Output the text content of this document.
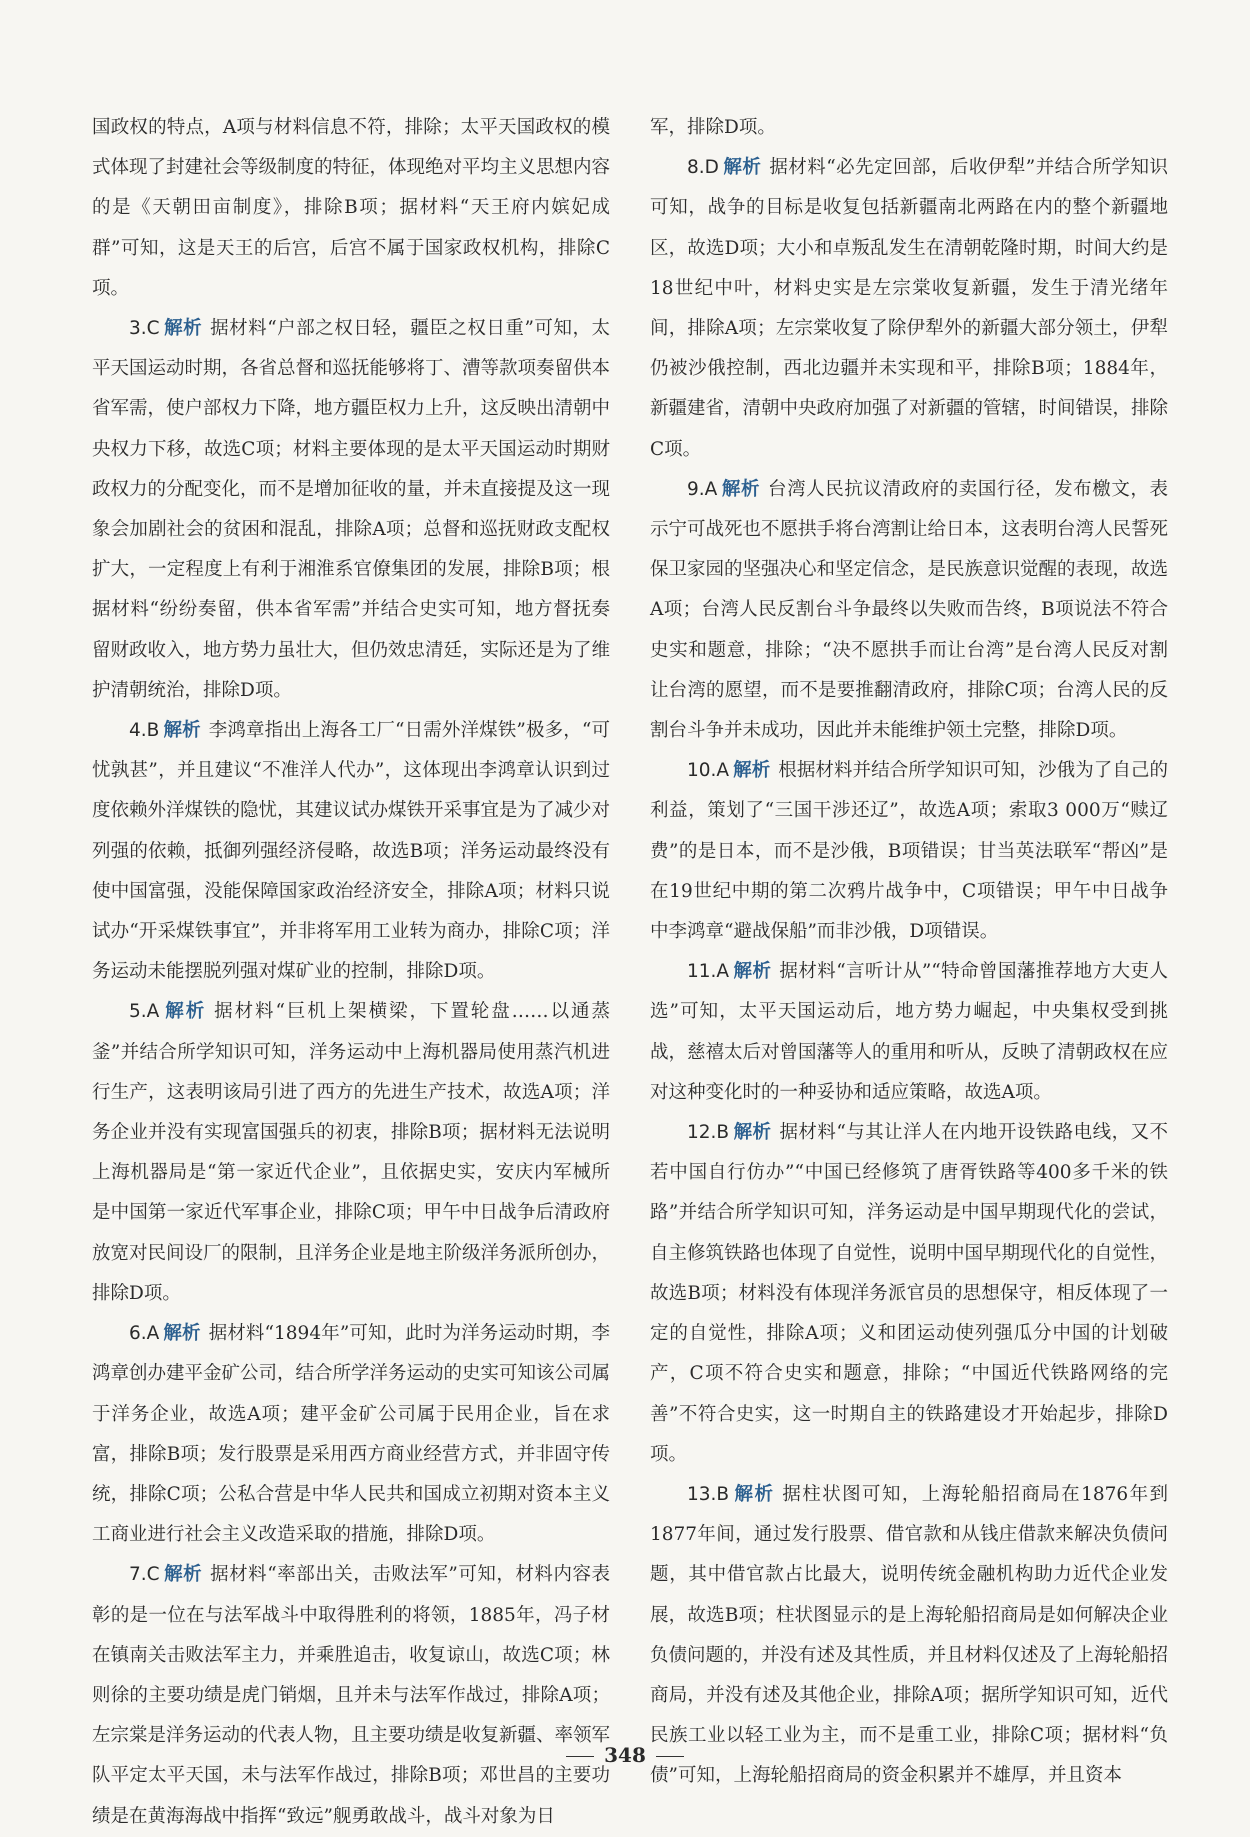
国政权的特点，A项与材料信息不符，排除；太平天国政权的模式体现了封建社会等级制度的特征，体现绝对平均主义思想内容的是《天朝田亩制度》，排除B项；据材料“天王府内嫔妃成群”可知，这是天王的后宫，后宫不属于国家政权机构，排除C项。

3.C 解析 据材料“户部之权日轻，疆臣之权日重”可知，太平天国运动时期，各省总督和巡抚能够将丁、漕等款项奏留供本省军需，使户部权力下降，地方疆臣权力上升，这反映出清朝中央权力下移，故选C项；材料主要体现的是太平天国运动时期财政权力的分配变化，而不是增加征收的量，并未直接提及这一现象会加剧社会的贫困和混乱，排除A项；总督和巡抚财政支配权扩大，一定程度上有利于湘淮系官僚集团的发展，排除B项；根据材料“纷纷奏留，供本省军需”并结合史实可知，地方督抚奏留财政收入，地方势力虽壮大，但仍效忠清廷，实际还是为了维护清朝统治，排除D项。

4.B 解析 李鸿章指出上海各工厂“日需外洋煤铁”极多，“可忧孰甚”，并且建议“不准洋人代办”，这体现出李鸿章认识到过度依赖外洋煤铁的隐忧，其建议试办煤铁开采事宜是为了减少对列强的依赖，抵御列强经济侵略，故选B项；洋务运动最终没有使中国富强，没能保障国家政治经济安全，排除A项；材料只说试办“开采煤铁事宜”，并非将军用工业转为商办，排除C项；洋务运动未能摆脱列强对煤矿业的控制，排除D项。

5.A 解析 据材料“巨机上架横梁，下置轮盘……以通蒸釜”并结合所学知识可知，洋务运动中上海机器局使用蒸汽机进行生产，这表明该局引进了西方的先进生产技术，故选A项；洋务企业并没有实现富国强兵的初衷，排除B项；据材料无法说明上海机器局是“第一家近代企业”，且依据史实，安庆内军械所是中国第一家近代军事企业，排除C项；甲午中日战争后清政府放宽对民间设厂的限制，且洋务企业是地主阶级洋务派所创办，排除D项。

6.A 解析 据材料“1894年”可知，此时为洋务运动时期，李鸿章创办建平金矿公司，结合所学洋务运动的史实可知该公司属于洋务企业，故选A项；建平金矿公司属于民用企业，旨在求富，排除B项；发行股票是采用西方商业经营方式，并非固守传统，排除C项；公私合营是中华人民共和国成立初期对资本主义工商业进行社会主义改造采取的措施，排除D项。

7.C 解析 据材料“率部出关，击败法军”可知，材料内容表彰的是一位在与法军战斗中取得胜利的将领，1885年，冯子材在镇南关击败法军主力，并乘胜追击，收复谅山，故选C项；林则徐的主要功绩是虎门销烟，且并未与法军作战过，排除A项；左宗棠是洋务运动的代表人物，且主要功绩是收复新疆、率领军队平定太平天国，未与法军作战过，排除B项；邓世昌的主要功绩是在黄海海战中指挥“致远”舰勇敢战斗，战斗对象为日

军，排除D项。

8.D 解析 据材料“必先定回部，后收伊犁”并结合所学知识可知，战争的目标是收复包括新疆南北两路在内的整个新疆地区，故选D项；大小和卓叛乱发生在清朝乾隆时期，时间大约是18世纪中叶，材料史实是左宗棠收复新疆，发生于清光绪年间，排除A项；左宗棠收复了除伊犁外的新疆大部分领土，伊犁仍被沙俄控制，西北边疆并未实现和平，排除B项；1884年，新疆建省，清朝中央政府加强了对新疆的管辖，时间错误，排除C项。

9.A 解析 台湾人民抗议清政府的卖国行径，发布檄文，表示宁可战死也不愿拱手将台湾割让给日本，这表明台湾人民誓死保卫家园的坚强决心和坚定信念，是民族意识觉醒的表现，故选A项；台湾人民反割台斗争最终以失败而告终，B项说法不符合史实和题意，排除；“决不愿拱手而让台湾”是台湾人民反对割让台湾的愿望，而不是要推翻清政府，排除C项；台湾人民的反割台斗争并未成功，因此并未能维护领土完整，排除D项。

10.A 解析 根据材料并结合所学知识可知，沙俄为了自己的利益，策划了“三国干涉还辽”，故选A项；索取3 000万“赎辽费”的是日本，而不是沙俄，B项错误；甘当英法联军“帮凶”是在19世纪中期的第二次鸦片战争中，C项错误；甲午中日战争中李鸿章“避战保船”而非沙俄，D项错误。

11.A 解析 据材料“言听计从”“特命曾国藩推荐地方大吏人选”可知，太平天国运动后，地方势力崛起，中央集权受到挑战，慈禧太后对曾国藩等人的重用和听从，反映了清朝政权在应对这种变化时的一种妥协和适应策略，故选A项。

12.B 解析 据材料“与其让洋人在内地开设铁路电线，又不若中国自行仿办”“中国已经修筑了唐胥铁路等400多千米的铁路”并结合所学知识可知，洋务运动是中国早期现代化的尝试，自主修筑铁路也体现了自觉性，说明中国早期现代化的自觉性，故选B项；材料没有体现洋务派官员的思想保守，相反体现了一定的自觉性，排除A项；义和团运动使列强瓜分中国的计划破产，C项不符合史实和题意，排除；“中国近代铁路网络的完善”不符合史实，这一时期自主的铁路建设才开始起步，排除D项。

13.B 解析 据柱状图可知，上海轮船招商局在1876年到1877年间，通过发行股票、借官款和从钱庄借款来解决负债问题，其中借官款占比最大，说明传统金融机构助力近代企业发展，故选B项；柱状图显示的是上海轮船招商局是如何解决企业负债问题的，并没有述及其性质，并且材料仅述及了上海轮船招商局，并没有述及其他企业，排除A项；据所学知识可知，近代民族工业以轻工业为主，而不是重工业，排除C项；据材料“负债”可知，上海轮船招商局的资金积累并不雄厚，并且资本

348
